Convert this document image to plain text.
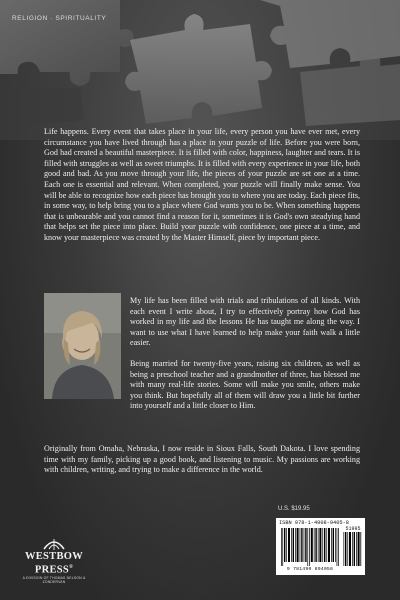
RELIGION · SPIRITUALITY

Life happens. Every event that takes place in your life, every person you have ever met, every circumstance you have lived through has a place in your puzzle of life. Before you were born, God had created a beautiful masterpiece. It is filled with color, happiness, laughter and tears. It is filled with struggles as well as sweet triumphs. It is filled with every experience in your life, both good and bad. As you move through your life, the pieces of your puzzle are set one at a time. Each one is essential and relevant. When completed, your puzzle will finally make sense. You will be able to recognize how each piece has brought you to where you are today. Each piece fits, in some way, to help bring you to a place where God wants you to be. When something happens that is unbearable and you cannot find a reason for it, sometimes it is God's own steadying hand that helps set the piece into place. Build your puzzle with confidence, one piece at a time, and know your masterpiece was created by the Master Himself, piece by important piece.

My life has been filled with trials and tribulations of all kinds. With each event I write about, I try to effectively portray how God has worked in my life and the lessons He has taught me along the way. I want to use what I have learned to help make your faith walk a little easier.

Being married for twenty-five years, raising six children, as well as being a preschool teacher and a grandmother of three, has blessed me with many real-life stories. Some will make you smile, others make you think. But hopefully all of them will draw you a little bit further into yourself and a little closer to Him.

Originally from Omaha, Nebraska, I now reside in Sioux Falls, South Dakota. I love spending time with my family, picking up a good book, and listening to music. My passions are working with children, writing, and trying to make a difference in the world.

U.S. $19.95
ISBN 978-1-4908-9405-8
51995
9 781490 894058
WESTBOW PRESS®
A DIVISION OF THOMAS NELSON & ZONDERVAN
